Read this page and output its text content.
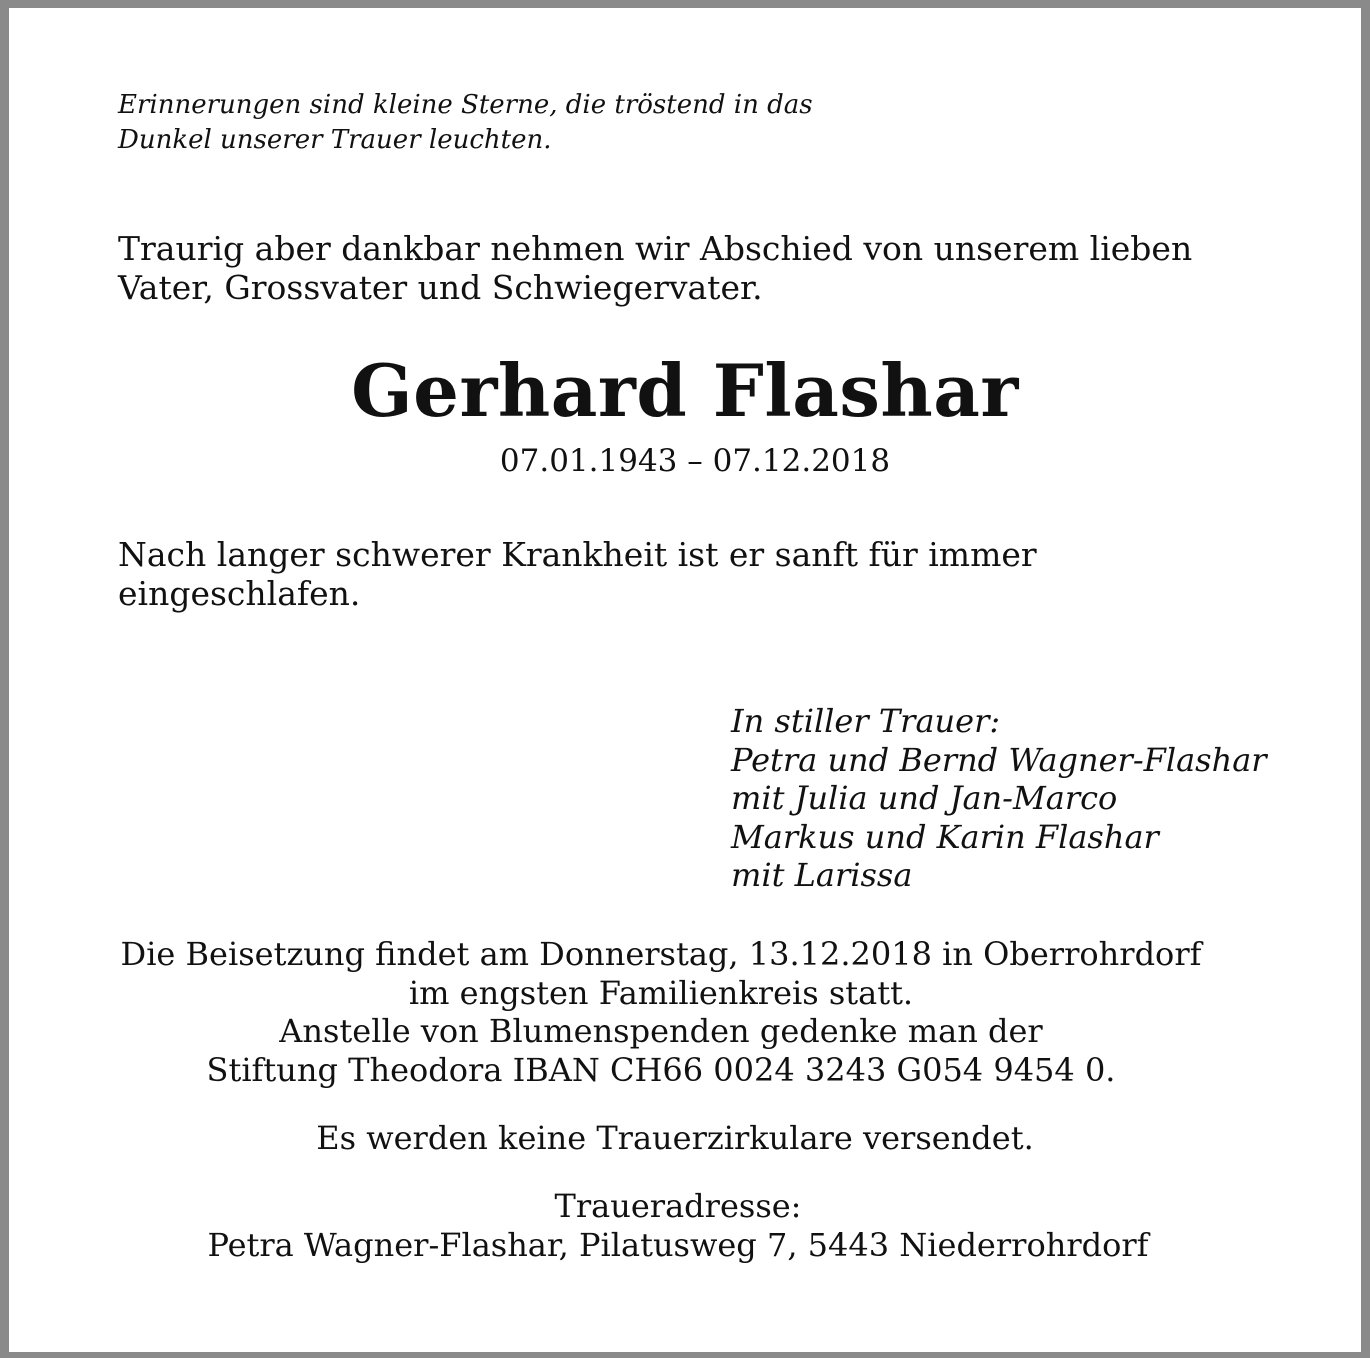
Erinnerungen sind kleine Sterne, die tröstend in das
Dunkel unserer Trauer leuchten.
Traurig aber dankbar nehmen wir Abschied von unserem lieben
Vater, Grossvater und Schwiegervater.
Gerhard Flashar
07.01.1943 – 07.12.2018
Nach langer schwerer Krankheit ist er sanft für immer
eingeschlafen.
In stiller Trauer:
Petra und Bernd Wagner-Flashar
mit Julia und Jan-Marco
Markus und Karin Flashar
mit Larissa
Die Beisetzung findet am Donnerstag, 13.12.2018 in Oberrohrdorf
im engsten Familienkreis statt.
Anstelle von Blumenspenden gedenke man der
Stiftung Theodora IBAN CH66 0024 3243 G054 9454 0.
Es werden keine Trauerzirkulare versendet.
Traueradresse:
Petra Wagner-Flashar, Pilatusweg 7, 5443 Niederrohrdorf
